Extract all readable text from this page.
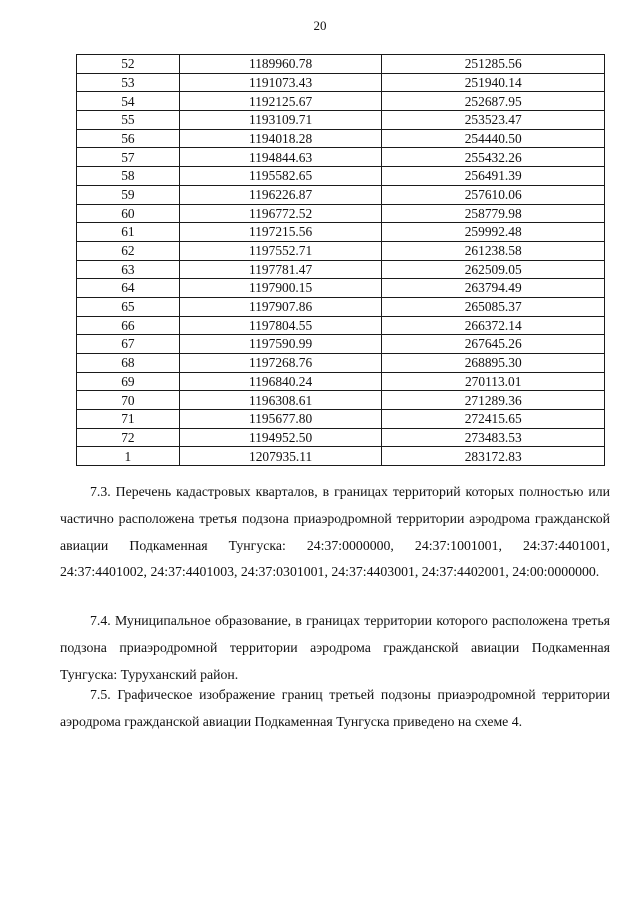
20
52	1189960.78	251285.56
53	1191073.43	251940.14
54	1192125.67	252687.95
55	1193109.71	253523.47
56	1194018.28	254440.50
57	1194844.63	255432.26
58	1195582.65	256491.39
59	1196226.87	257610.06
60	1196772.52	258779.98
61	1197215.56	259992.48
62	1197552.71	261238.58
63	1197781.47	262509.05
64	1197900.15	263794.49
65	1197907.86	265085.37
66	1197804.55	266372.14
67	1197590.99	267645.26
68	1197268.76	268895.30
69	1196840.24	270113.01
70	1196308.61	271289.36
71	1195677.80	272415.65
72	1194952.50	273483.53
1	1207935.11	283172.83

7.3. Перечень кадастровых кварталов, в границах территорий которых полностью или частично расположена третья подзона приаэродромной территории аэродрома гражданской авиации Подкаменная Тунгуска: 24:37:0000000, 24:37:1001001, 24:37:4401001, 24:37:4401002, 24:37:4401003, 24:37:0301001, 24:37:4403001, 24:37:4402001, 24:00:0000000.

7.4. Муниципальное образование, в границах территории которого расположена третья подзона приаэродромной территории аэродрома гражданской авиации Подкаменная Тунгуска: Туруханский район.

7.5. Графическое изображение границ третьей подзоны приаэродромной территории аэродрома гражданской авиации Подкаменная Тунгуска приведено на схеме 4.
